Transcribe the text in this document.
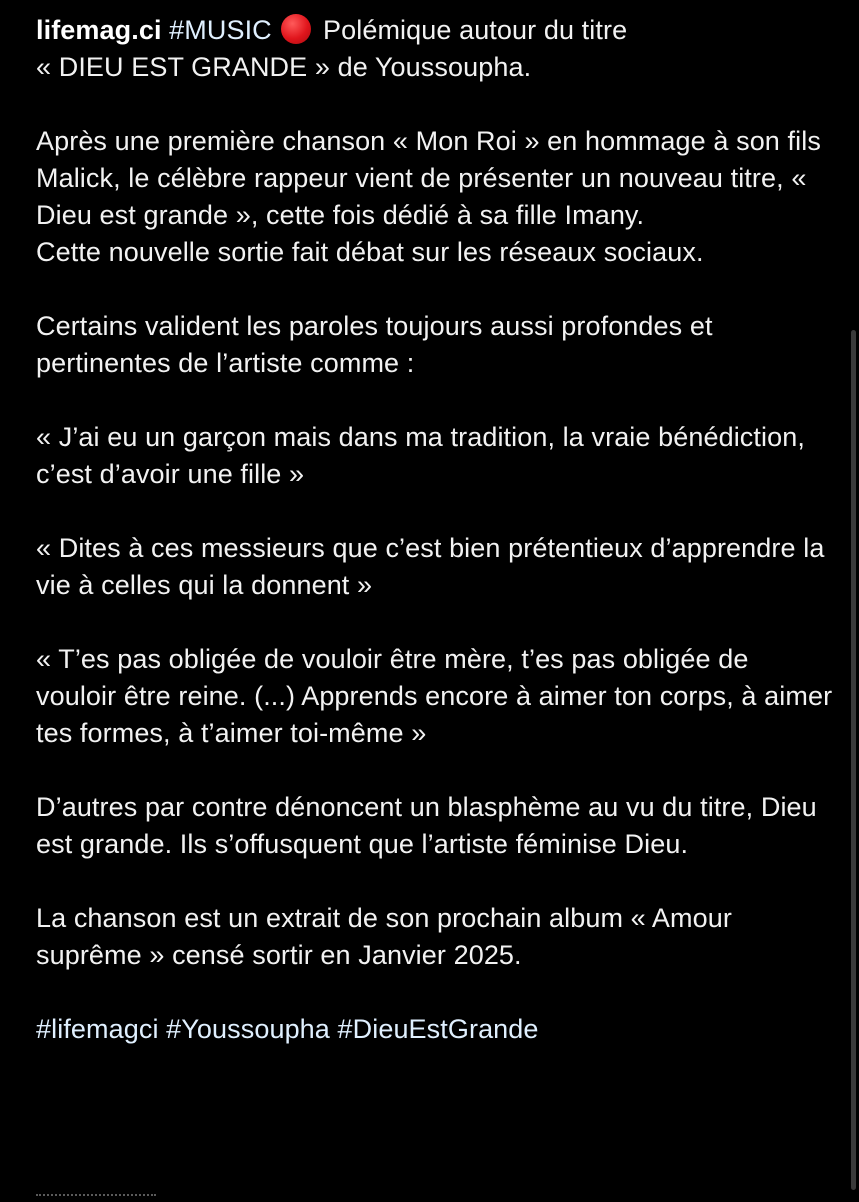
lifemag.ci #MUSIC Polémique autour du titre
« DIEU EST GRANDE » de Youssoupha.

Après une première chanson « Mon Roi » en hommage à son fils Malick, le célèbre rappeur vient de présenter un nouveau titre, « Dieu est grande », cette fois dédié à sa fille Imany.

Cette nouvelle sortie fait débat sur les réseaux sociaux.

Certains valident les paroles toujours aussi profondes et pertinentes de l’artiste comme :

« J’ai eu un garçon mais dans ma tradition, la vraie bénédiction, c’est d’avoir une fille »

« Dites à ces messieurs que c’est bien prétentieux d’apprendre la vie à celles qui la donnent »

« T’es pas obligée de vouloir être mère, t’es pas obligée de vouloir être reine. (...) Apprends encore à aimer ton corps, à aimer tes formes, à t’aimer toi-même »

D’autres par contre dénoncent un blasphème au vu du titre, Dieu est grande. Ils s’offusquent que l’artiste féminise Dieu.

La chanson est un extrait de son prochain album « Amour suprême » censé sortir en Janvier 2025.

#lifemagci #Youssoupha #DieuEstGrande
